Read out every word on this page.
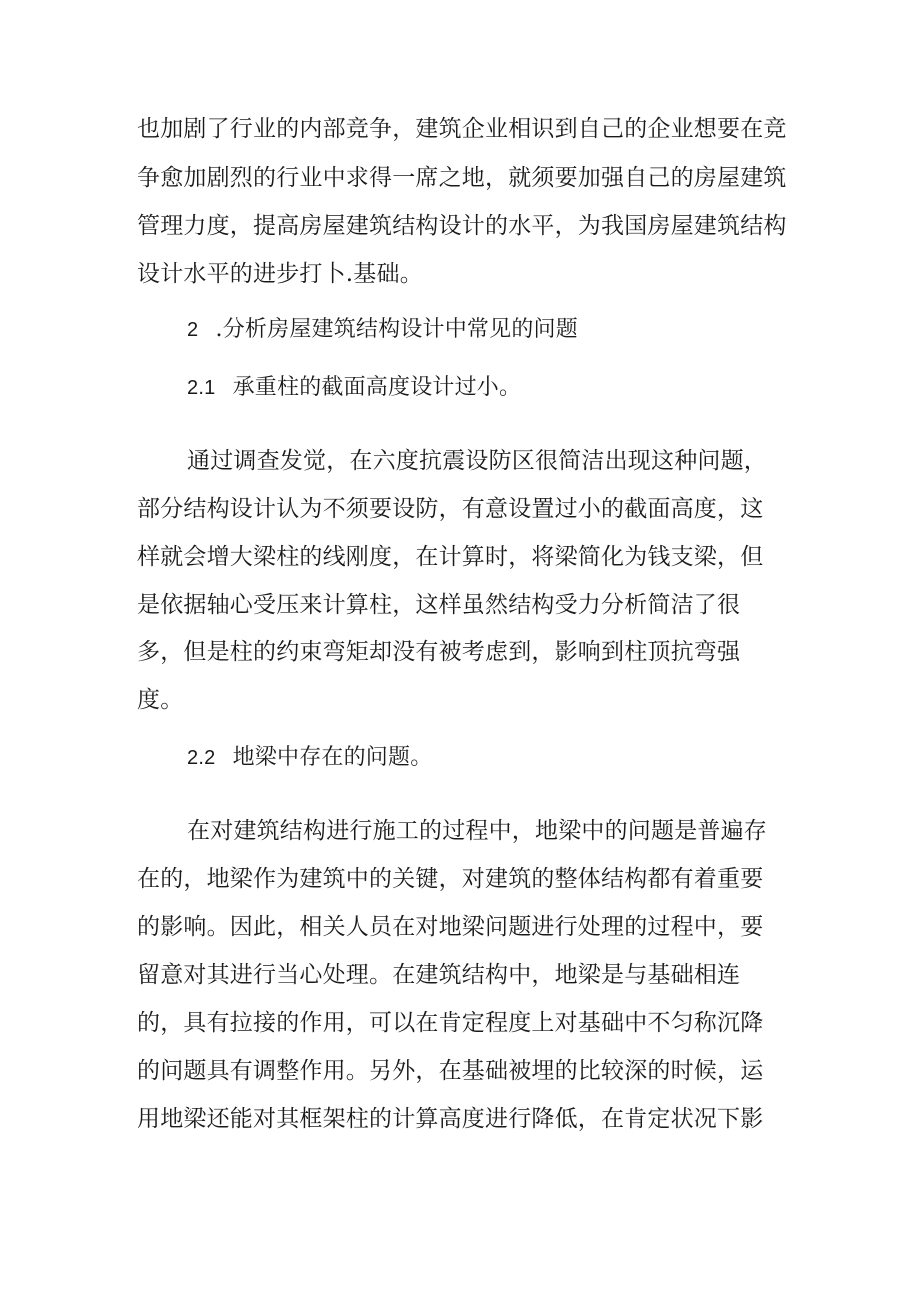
也加剧了行业的内部竞争，建筑企业相识到自己的企业想要在竞
争愈加剧烈的行业中求得一席之地，就须要加强自己的房屋建筑
管理力度，提高房屋建筑结构设计的水平，为我国房屋建筑结构
设计水平的进步打卜.基础。
2 .分析房屋建筑结构设计中常见的问题
2.1 承重柱的截面高度设计过小。
通过调查发觉，在六度抗震设防区很简洁出现这种问题，
部分结构设计认为不须要设防，有意设置过小的截面高度，这
样就会增大梁柱的线刚度，在计算时，将梁简化为钱支梁，但
是依据轴心受压来计算柱，这样虽然结构受力分析简洁了很
多，但是柱的约束弯矩却没有被考虑到，影响到柱顶抗弯强
度。
2.2 地梁中存在的问题。
在对建筑结构进行施工的过程中，地梁中的问题是普遍存
在的，地梁作为建筑中的关键，对建筑的整体结构都有着重要
的影响。因此，相关人员在对地梁问题进行处理的过程中，要
留意对其进行当心处理。在建筑结构中，地梁是与基础相连
的，具有拉接的作用，可以在肯定程度上对基础中不匀称沉降
的问题具有调整作用。另外，在基础被埋的比较深的时候，运
用地梁还能对其框架柱的计算高度进行降低，在肯定状况下影
